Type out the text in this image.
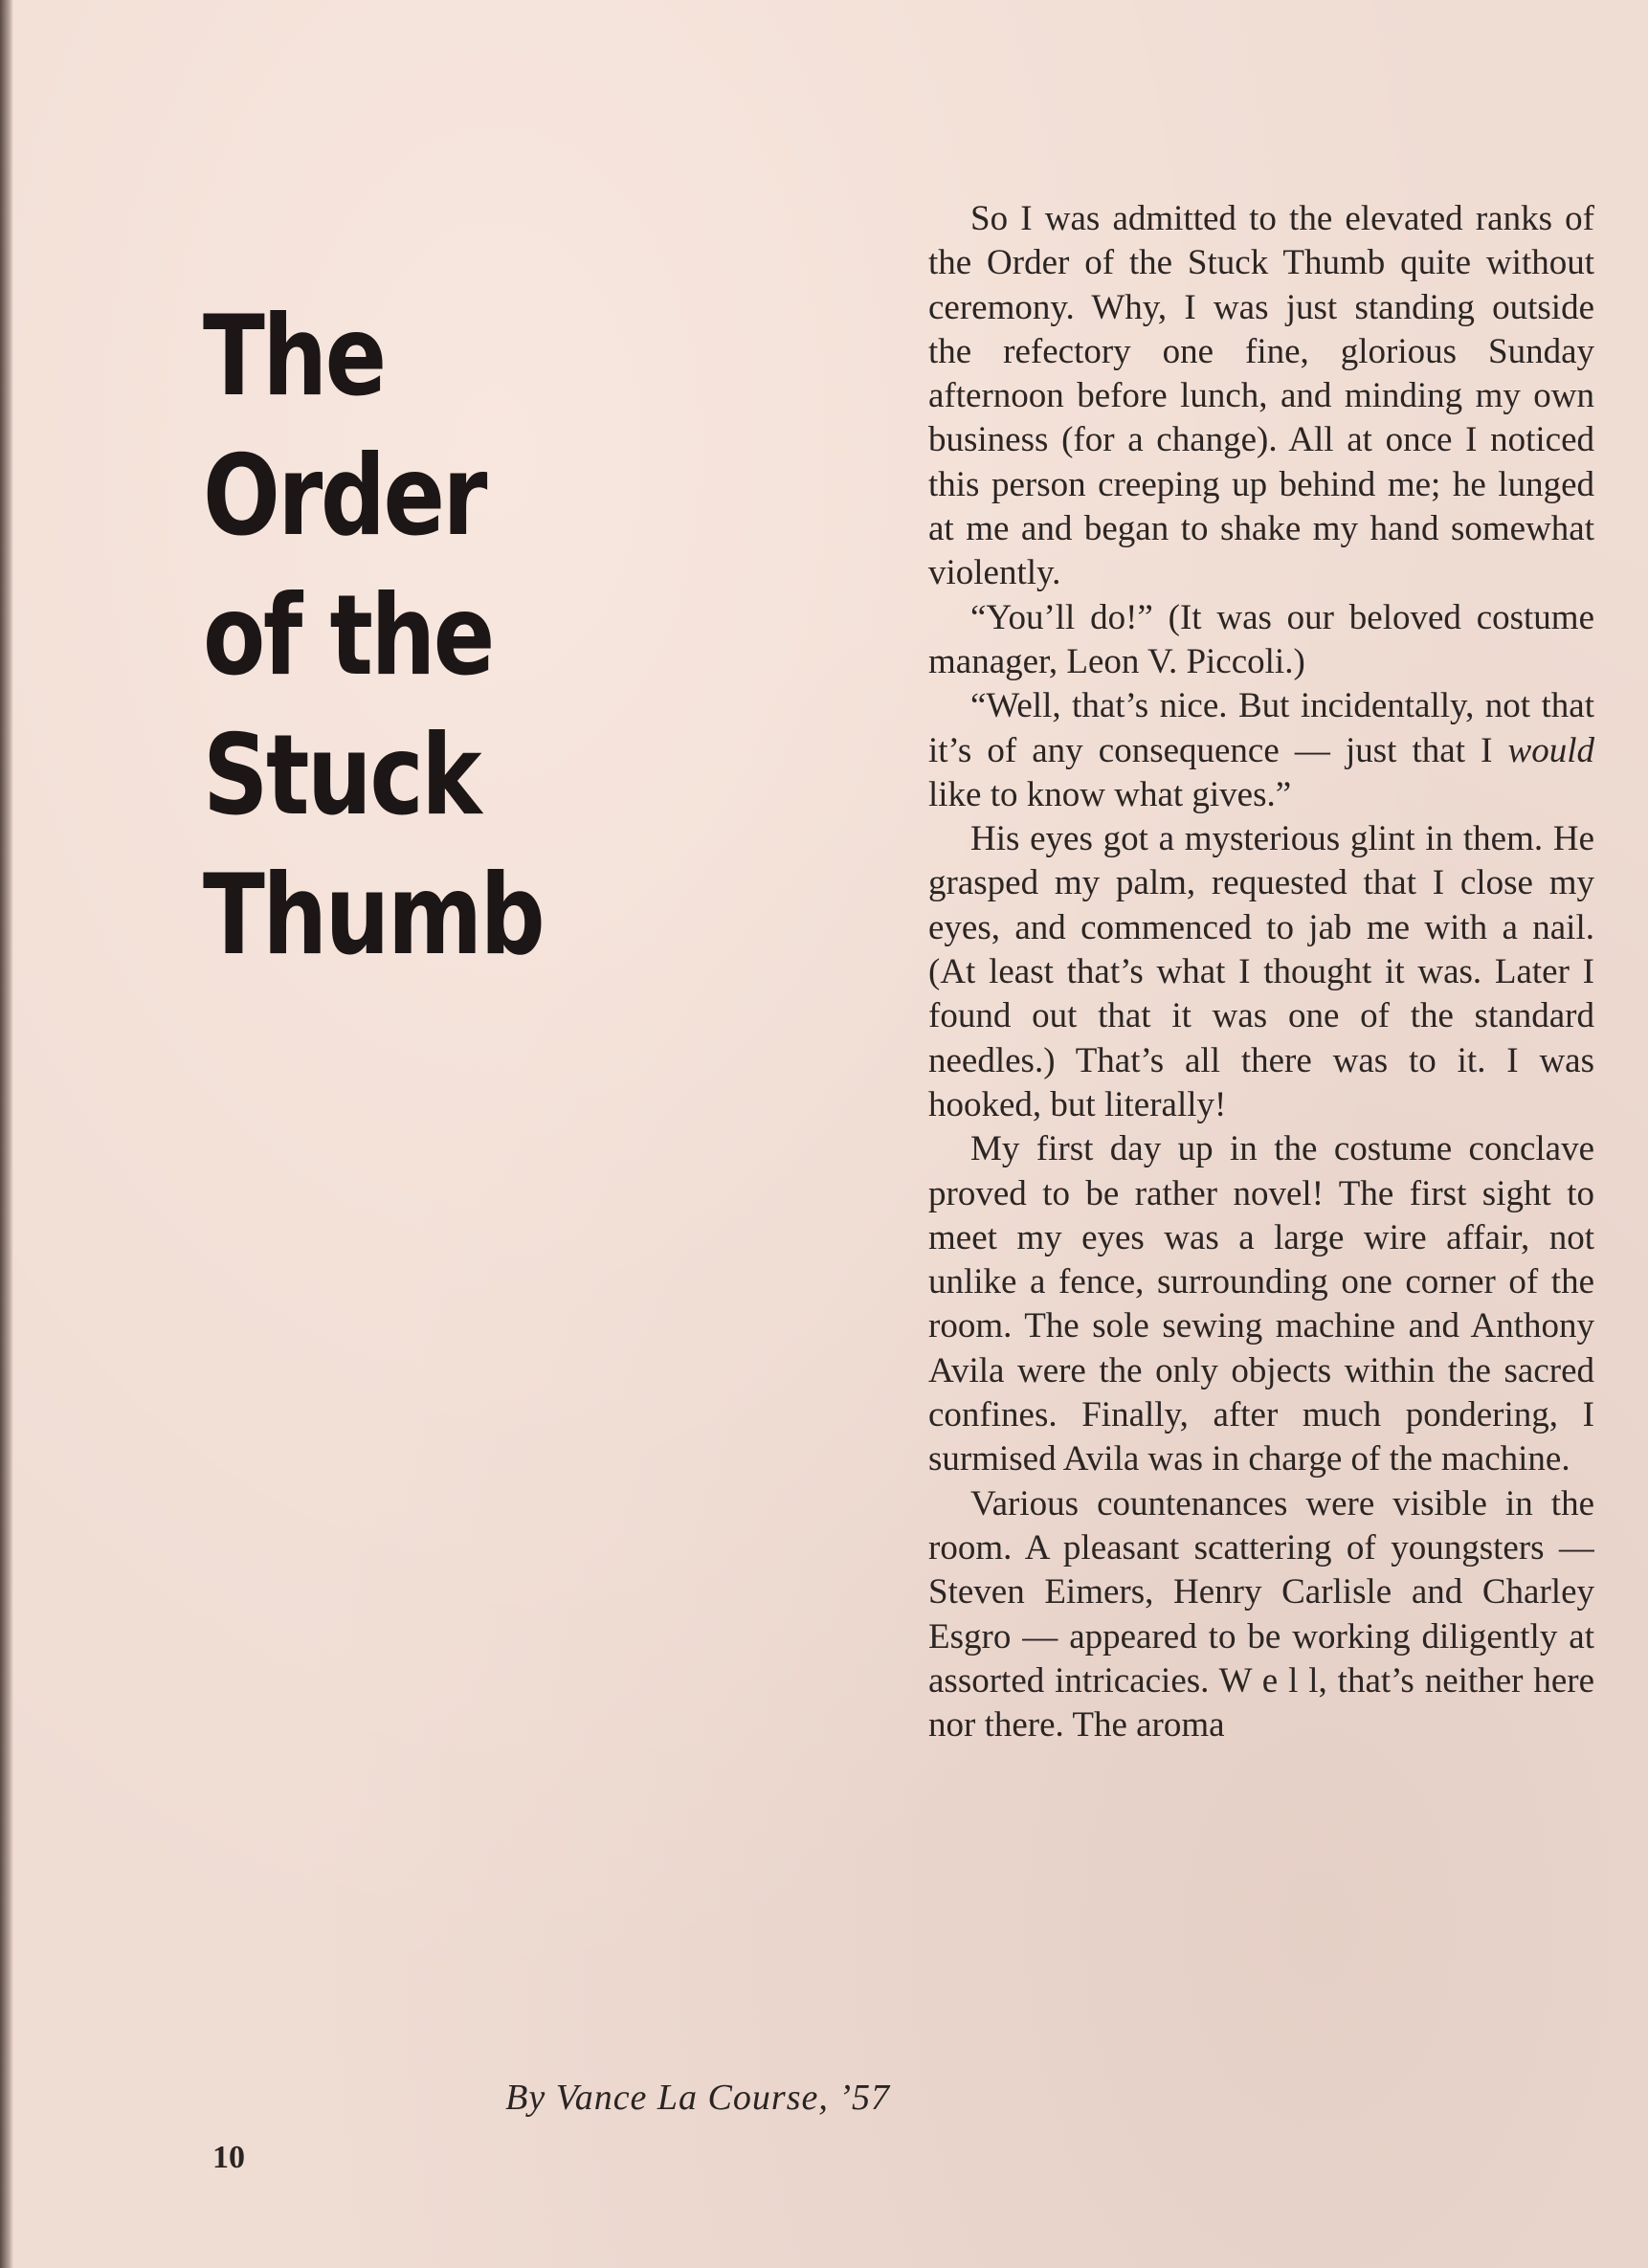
The
Order
of the
Stuck
Thumb
By Vance La Course, ’57
10

So I was admitted to the elevated ranks of the Order of the Stuck Thumb quite without ceremony. Why, I was just standing outside the refectory one fine, glorious Sunday afternoon before lunch, and minding my own business (for a change). All at once I noticed this person creeping up behind me; he lunged at me and began to shake my hand somewhat violently.

“You’ll do!” (It was our beloved costume manager, Leon V. Piccoli.)

“Well, that’s nice. But incidentally, not that it’s of any consequence — just that I would like to know what gives.”

His eyes got a mysterious glint in them. He grasped my palm, requested that I close my eyes, and commenced to jab me with a nail. (At least that’s what I thought it was. Later I found out that it was one of the standard needles.) That’s all there was to it. I was hooked, but literally!

My first day up in the costume conclave proved to be rather novel! The first sight to meet my eyes was a large wire affair, not unlike a fence, surrounding one corner of the room. The sole sewing machine and Anthony Avila were the only objects within the sacred confines. Finally, after much pondering, I surmised Avila was in charge of the machine.

Various countenances were visible in the room. A pleasant scattering of youngsters — Steven Eimers, Henry Carlisle and Charley Esgro — appeared to be working diligently at assorted intricacies. W e l l, that’s neither here nor there. The aroma
